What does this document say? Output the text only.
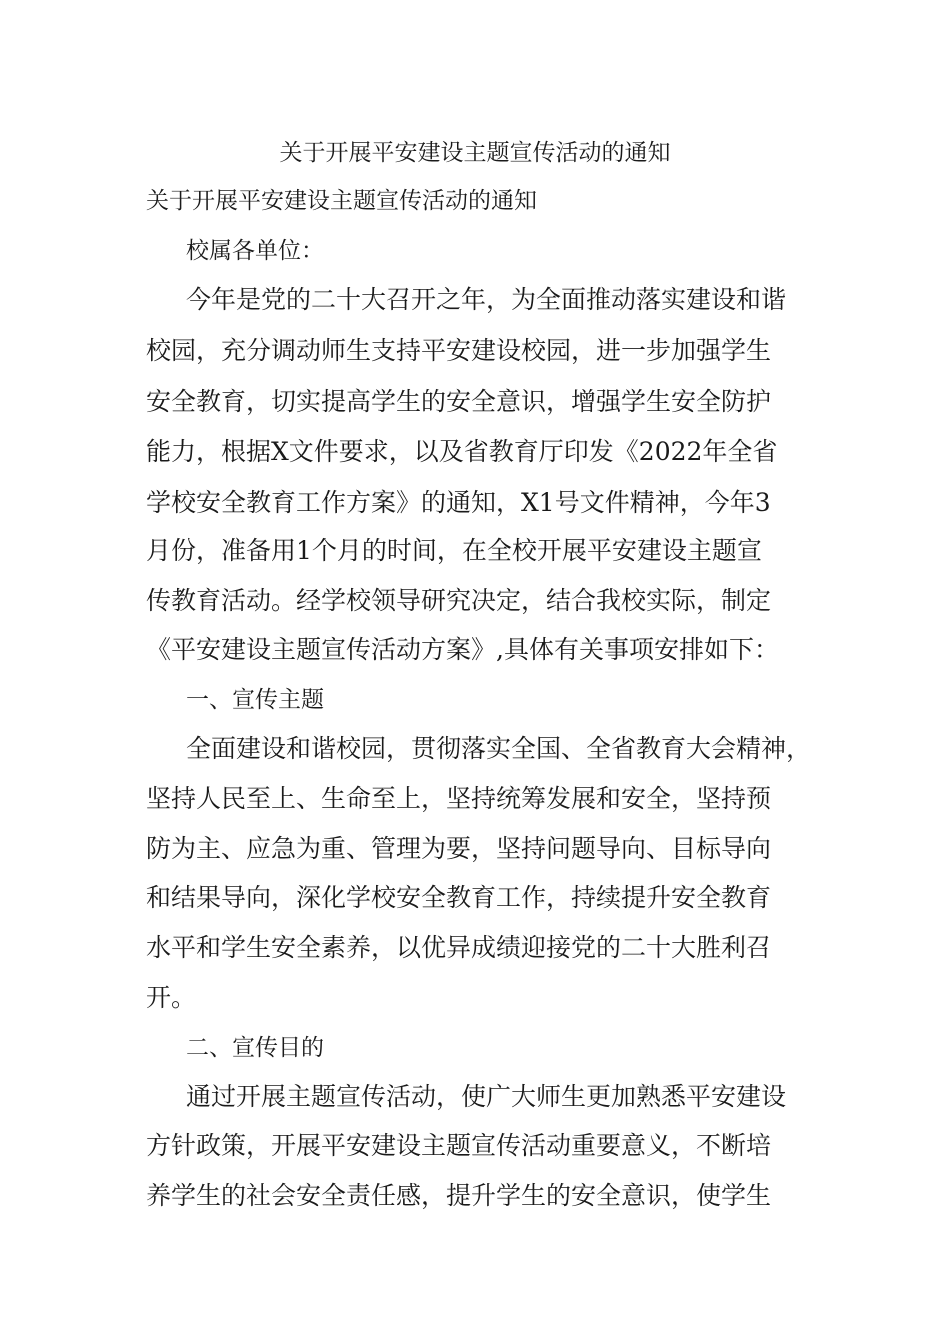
关于开展平安建设主题宣传活动的通知

关于开展平安建设主题宣传活动的通知

校属各单位：

今年是党的二十大召开之年，为全面推动落实建设和谐

校园，充分调动师生支持平安建设校园，进一步加强学生

安全教育，切实提高学生的安全意识，增强学生安全防护

能力，根据X文件要求，以及省教育厅印发《2022年全省

学校安全教育工作方案》的通知，X1号文件精神，今年3

月份，准备用1个月的时间，在全校开展平安建设主题宣

传教育活动。经学校领导研究决定，结合我校实际，制定

《平安建设主题宣传活动方案》,具体有关事项安排如下：

一、宣传主题

全面建设和谐校园，贯彻落实全国、全省教育大会精神，

坚持人民至上、生命至上，坚持统筹发展和安全，坚持预

防为主、应急为重、管理为要，坚持问题导向、目标导向

和结果导向，深化学校安全教育工作，持续提升安全教育

水平和学生安全素养，以优异成绩迎接党的二十大胜利召

开。

二、宣传目的

通过开展主题宣传活动，使广大师生更加熟悉平安建设

方针政策，开展平安建设主题宣传活动重要意义，不断培

养学生的社会安全责任感，提升学生的安全意识，使学生
